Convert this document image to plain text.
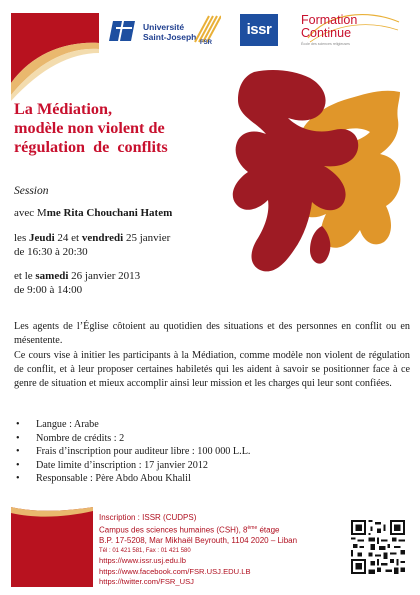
Université
Saint-Joseph
FSR
issr
Formation
Continue
École des sciences religieuses
La Médiation,
modèle non violent de
régulation de conflits
Session
avec Mme Rita Chouchani Hatem
les Jeudi 24 et vendredi 25 janvier
de 16:30 à 20:30
et le samedi 26 janvier 2013
de 9:00 à 14:00
Les agents de l’Église côtoient au quotidien des situations et des personnes en conflit ou en mésentente.
Ce cours vise à initier les participants à la Médiation, comme modèle non violent de régulation de conflit, et à leur proposer certaines habiletés qui les aident à savoir se positionner face à ce genre de situation et mieux accomplir ainsi leur mission et les charges qui leur sont confiées.
• Langue : Arabe
• Nombre de crédits : 2
• Frais d’inscription pour auditeur libre : 100 000 L.L.
• Date limite d’inscription : 17 janvier 2012
• Responsable : Père Abdo Abou Khalil
Inscription : ISSR (CUDPS)
Campus des sciences humaines (CSH), 8ème étage
B.P. 17-5208, Mar Mikhaël Beyrouth, 1104 2020 – Liban
Tél : 01 421 581, Fax : 01 421 580
https://www.issr.usj.edu.lb
https://www.facebook.com/FSR.USJ.EDU.LB
https://twitter.com/FSR_USJ
